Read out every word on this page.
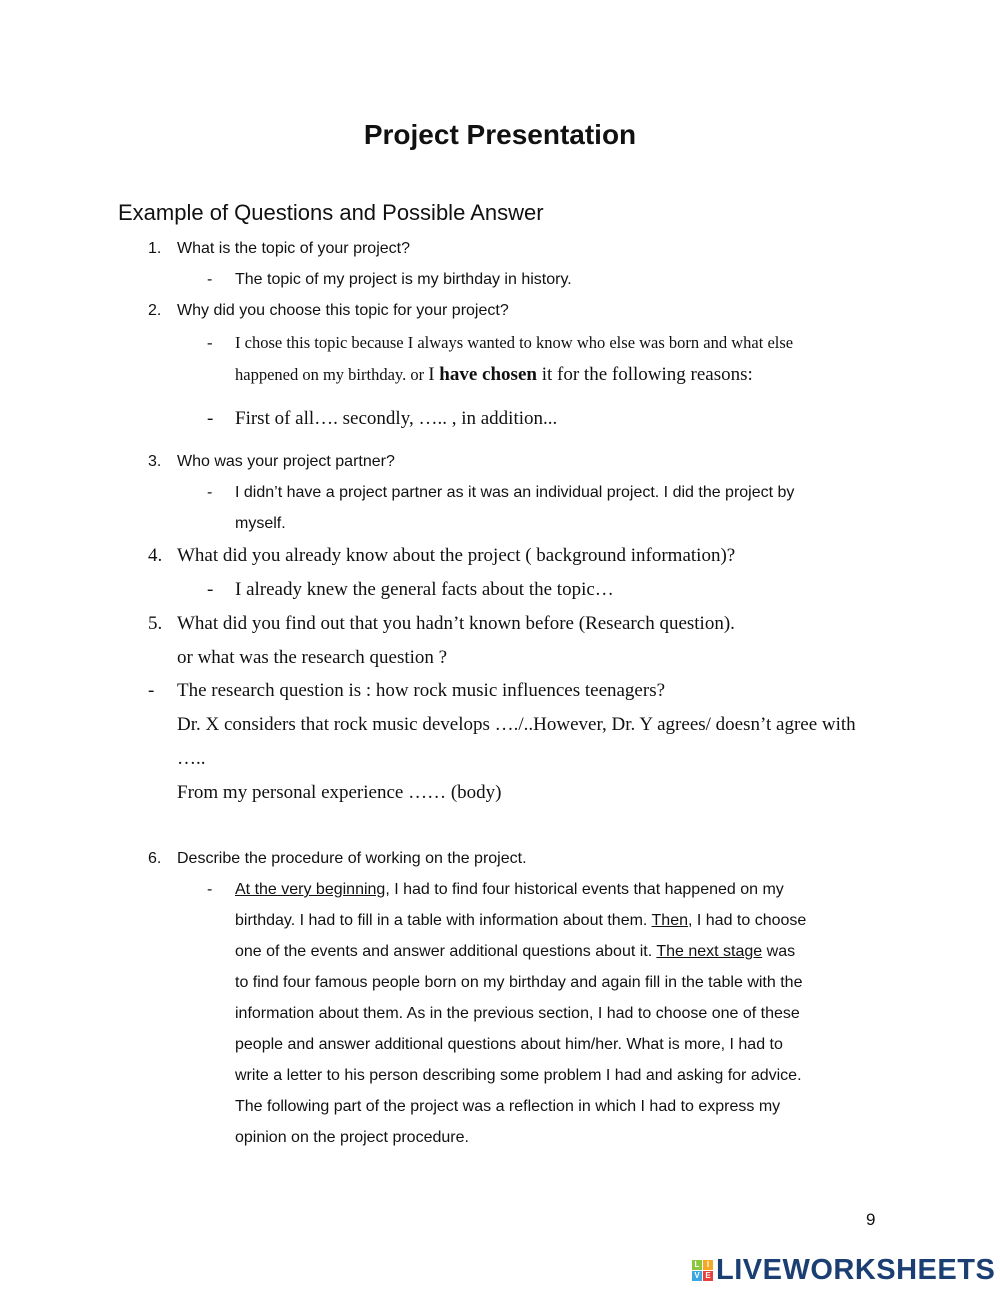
Project Presentation
Example of Questions and Possible Answer
1. What is the topic of your project?
- The topic of my project is my birthday in history.
2. Why did you choose this topic for your project?
- I chose this topic because I always wanted to know who else was born and what else
happened on my birthday. or I have chosen it for the following reasons:
- First of all…. secondly, ….. , in addition...
3. Who was your project partner?
- I didn’t have a project partner as it was an individual project. I did the project by
myself.
4. What did you already know about the project ( background information)?
- I already knew the general facts about the topic…
5. What did you find out that you hadn’t known before (Research question).
or what was the research question ?
- The research question is : how rock music influences teenagers?
Dr. X considers that rock music develops …./..However, Dr. Y agrees/ doesn’t agree with
…..
From my personal experience …… (body)
6. Describe the procedure of working on the project.
- At the very beginning, I had to find four historical events that happened on my
birthday. I had to fill in a table with information about them. Then, I had to choose
one of the events and answer additional questions about it. The next stage was
to find four famous people born on my birthday and again fill in the table with the
information about them. As in the previous section, I had to choose one of these
people and answer additional questions about him/her. What is more, I had to
write a letter to his person describing some problem I had and asking for advice.
The following part of the project was a reflection in which I had to express my
opinion on the project procedure.
9
L I
V E LIVEWORKSHEETS
